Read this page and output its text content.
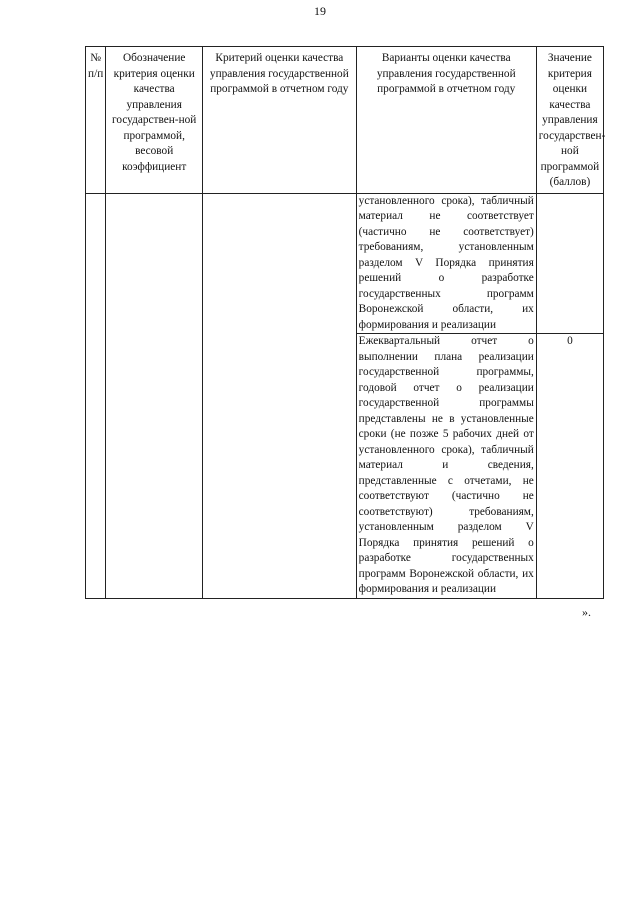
19
№ п/п	Обозначение критерия оценки качества управления государствен-ной программой, весовой коэффициент	Критерий оценки качества управления государственной программой в отчетном году	Варианты оценки качества управления государственной программой в отчетном году	Значение критерия оценки качества управления государствен-ной программой (баллов)
			установленного срока), табличный материал не соответствует (частично не соответствует) требованиям, установленным разделом V Порядка принятия решений о разработке государственных программ Воронежской области, их формирования и реализации	
			Ежеквартальный отчет о выполнении плана реализации государственной программы, годовой отчет о реализации государственной программы представлены не в установленные сроки (не позже 5 рабочих дней от установленного срока), табличный материал и сведения, представленные с отчетами, не соответствуют (частично не соответствуют) требованиям, установленным разделом V Порядка принятия решений о разработке государственных программ Воронежской области, их формирования и реализации	0
».
